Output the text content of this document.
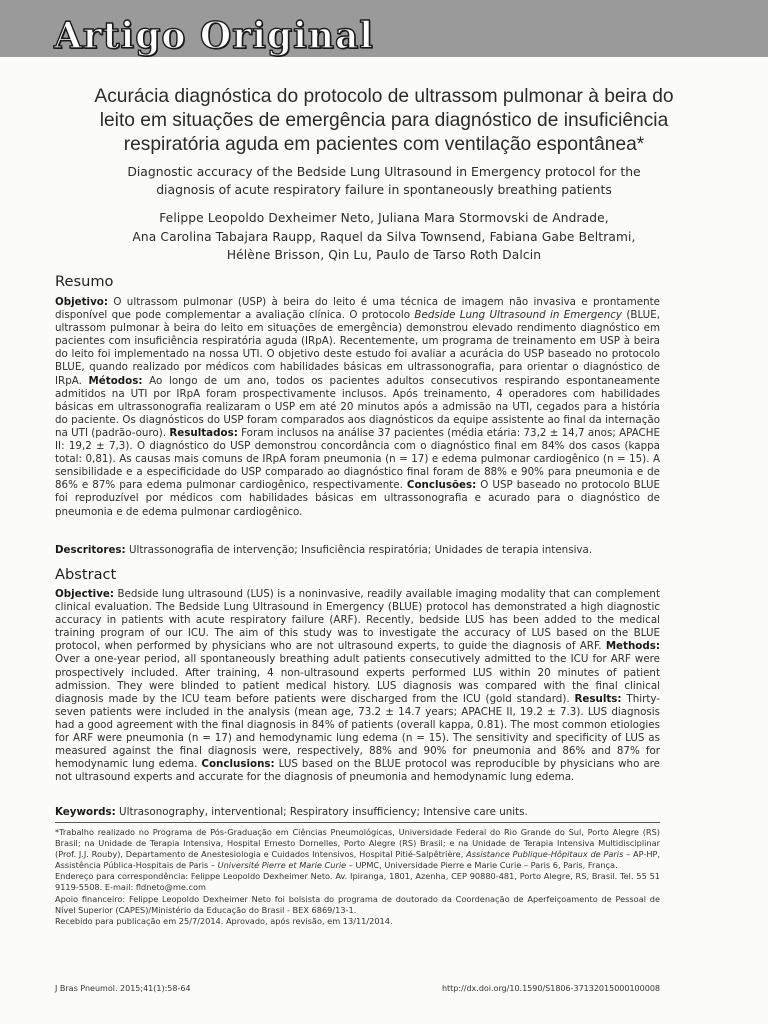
Artigo Original
Acurácia diagnóstica do protocolo de ultrassom pulmonar à beira do
leito em situações de emergência para diagnóstico de insuficiência
respiratória aguda em pacientes com ventilação espontânea*
Diagnostic accuracy of the Bedside Lung Ultrasound in Emergency protocol for the
diagnosis of acute respiratory failure in spontaneously breathing patients
Felippe Leopoldo Dexheimer Neto, Juliana Mara Stormovski de Andrade,
Ana Carolina Tabajara Raupp, Raquel da Silva Townsend, Fabiana Gabe Beltrami,
Hélène Brisson, Qin Lu, Paulo de Tarso Roth Dalcin
Resumo
Objetivo: O ultrassom pulmonar (USP) à beira do leito é uma técnica de imagem não invasiva e prontamente disponível que pode complementar a avaliação clínica. O protocolo Bedside Lung Ultrasound in Emergency (BLUE, ultrassom pulmonar à beira do leito em situações de emergência) demonstrou elevado rendimento diagnóstico em pacientes com insuficiência respiratória aguda (IRpA). Recentemente, um programa de treinamento em USP à beira do leito foi implementado na nossa UTI. O objetivo deste estudo foi avaliar a acurácia do USP baseado no protocolo BLUE, quando realizado por médicos com habilidades básicas em ultrassonografia, para orientar o diagnóstico de IRpA. Métodos: Ao longo de um ano, todos os pacientes adultos consecutivos respirando espontaneamente admitidos na UTI por IRpA foram prospectivamente inclusos. Após treinamento, 4 operadores com habilidades básicas em ultrassonografia realizaram o USP em até 20 minutos após a admissão na UTI, cegados para a história do paciente. Os diagnósticos do USP foram comparados aos diagnósticos da equipe assistente ao final da internação na UTI (padrão-ouro). Resultados: Foram inclusos na análise 37 pacientes (média etária: 73,2 ± 14,7 anos; APACHE II: 19,2 ± 7,3). O diagnóstico do USP demonstrou concordância com o diagnóstico final em 84% dos casos (kappa total: 0,81). As causas mais comuns de IRpA foram pneumonia (n = 17) e edema pulmonar cardiogênico (n = 15). A sensibilidade e a especificidade do USP comparado ao diagnóstico final foram de 88% e 90% para pneumonia e de 86% e 87% para edema pulmonar cardiogênico, respectivamente. Conclusões: O USP baseado no protocolo BLUE foi reproduzível por médicos com habilidades básicas em ultrassonografia e acurado para o diagnóstico de pneumonia e de edema pulmonar cardiogênico.
Descritores: Ultrassonografia de intervenção; Insuficiência respiratória; Unidades de terapia intensiva.
Abstract
Objective: Bedside lung ultrasound (LUS) is a noninvasive, readily available imaging modality that can complement clinical evaluation. The Bedside Lung Ultrasound in Emergency (BLUE) protocol has demonstrated a high diagnostic accuracy in patients with acute respiratory failure (ARF). Recently, bedside LUS has been added to the medical training program of our ICU. The aim of this study was to investigate the accuracy of LUS based on the BLUE protocol, when performed by physicians who are not ultrasound experts, to guide the diagnosis of ARF. Methods: Over a one-year period, all spontaneously breathing adult patients consecutively admitted to the ICU for ARF were prospectively included. After training, 4 non-ultrasound experts performed LUS within 20 minutes of patient admission. They were blinded to patient medical history. LUS diagnosis was compared with the final clinical diagnosis made by the ICU team before patients were discharged from the ICU (gold standard). Results: Thirty-seven patients were included in the analysis (mean age, 73.2 ± 14.7 years; APACHE II, 19.2 ± 7.3). LUS diagnosis had a good agreement with the final diagnosis in 84% of patients (overall kappa, 0.81). The most common etiologies for ARF were pneumonia (n = 17) and hemodynamic lung edema (n = 15). The sensitivity and specificity of LUS as measured against the final diagnosis were, respectively, 88% and 90% for pneumonia and 86% and 87% for hemodynamic lung edema. Conclusions: LUS based on the BLUE protocol was reproducible by physicians who are not ultrasound experts and accurate for the diagnosis of pneumonia and hemodynamic lung edema.
Keywords: Ultrasonography, interventional; Respiratory insufficiency; Intensive care units.

*Trabalho realizado no Programa de Pós-Graduação em Ciências Pneumológicas, Universidade Federal do Rio Grande do Sul, Porto Alegre (RS) Brasil; na Unidade de Terapia Intensiva, Hospital Ernesto Dornelles, Porto Alegre (RS) Brasil; e na Unidade de Terapia Intensiva Multidisciplinar (Prof. J.J. Rouby), Departamento de Anestesiologia e Cuidados Intensivos, Hospital Pitié-Salpêtrière, Assistance Publique-Hôpitaux de Paris – AP-HP, Assistência Pública-Hospitais de Paris – Université Pierre et Marie Curie – UPMC, Universidade Pierre e Marie Curie – Paris 6, Paris, França.

Endereço para correspondência: Felippe Leopoldo Dexheimer Neto. Av. Ipiranga, 1801, Azenha, CEP 90880-481, Porto Alegre, RS, Brasil. Tel. 55 51 9119-5508. E-mail: fldneto@me.com

Apoio financeiro: Felippe Leopoldo Dexheimer Neto foi bolsista do programa de doutorado da Coordenação de Aperfeiçoamento de Pessoal de Nível Superior (CAPES)/Ministério da Educação do Brasil - BEX 6869/13-1.

Recebido para publicação em 25/7/2014. Aprovado, após revisão, em 13/11/2014.

J Bras Pneumol. 2015;41(1):58-64	http://dx.doi.org/10.1590/S1806-37132015000100008
